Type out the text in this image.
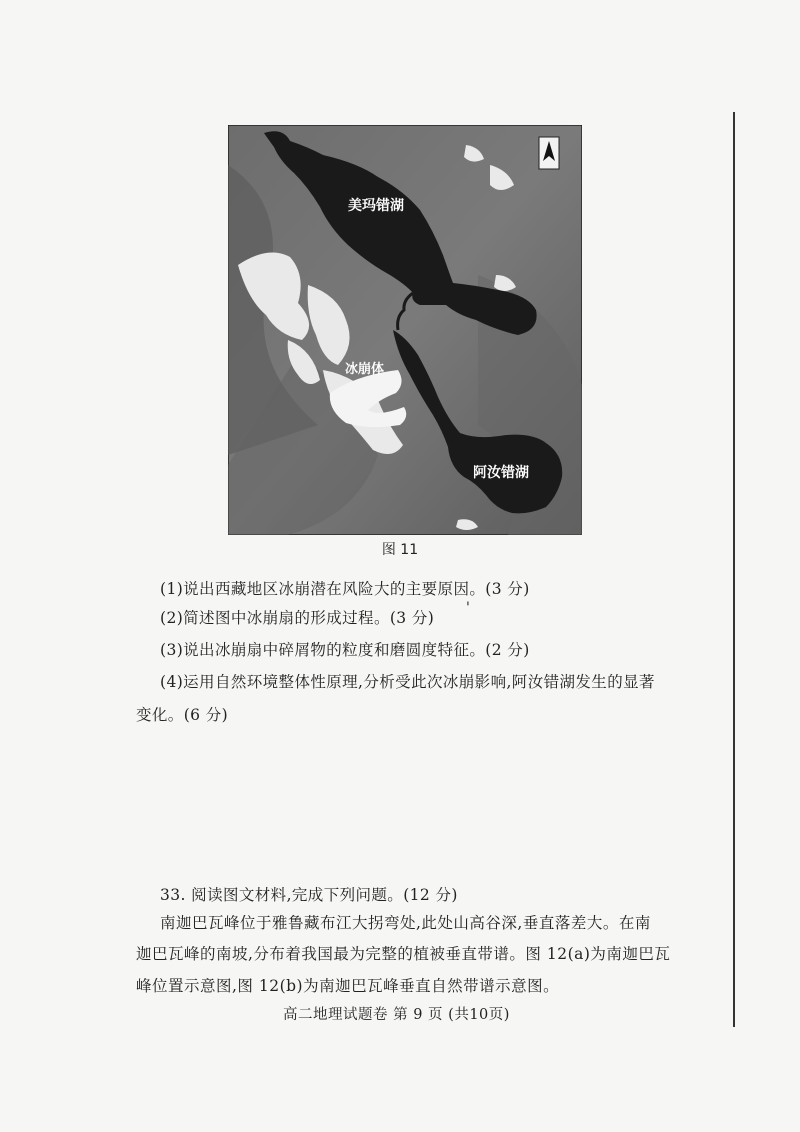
美玛错湖
冰崩体
阿汝错湖
图 11
(1)说出西藏地区冰崩潜在风险大的主要原因。(3 分)
(2)简述图中冰崩扇的形成过程。(3 分)
'
(3)说出冰崩扇中碎屑物的粒度和磨圆度特征。(2 分)
(4)运用自然环境整体性原理,分析受此次冰崩影响,阿汝错湖发生的显著
变化。(6 分)
33. 阅读图文材料,完成下列问题。(12 分)
南迦巴瓦峰位于雅鲁藏布江大拐弯处,此处山高谷深,垂直落差大。在南
迦巴瓦峰的南坡,分布着我国最为完整的植被垂直带谱。图 12(a)为南迦巴瓦
峰位置示意图,图 12(b)为南迦巴瓦峰垂直自然带谱示意图。
高二地理试题卷 第 9 页 (共10页)
